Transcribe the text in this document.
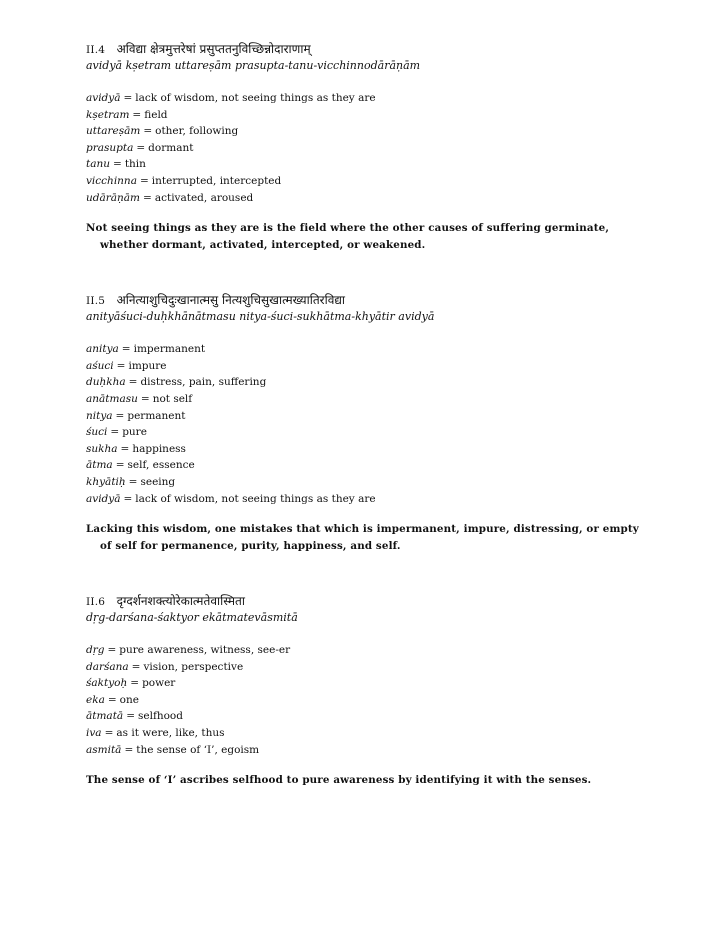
II.4 अविद्या क्षेत्रमुत्तरेषां प्रसुप्ततनुविच्छिन्नोदाराणाम्
avidyā kṣetram uttareṣām prasupta-tanu-vicchinnodārāṇām
avidyā = lack of wisdom, not seeing things as they are
kṣetram = field
uttareṣām = other, following
prasupta = dormant
tanu = thin
vicchinna = interrupted, intercepted
udārāṇām = activated, aroused

Not seeing things as they are is the field where the other causes of suffering germinate, whether dormant, activated, intercepted, or weakened.

II.5 अनित्याशुचिदुःखानात्मसु नित्यशुचिसुखात्मख्यातिरविद्या
anityāśuci-duḥkhānātmasu nitya-śuci-sukhātma-khyātir avidyā
anitya = impermanent
aśuci = impure
duḥkha = distress, pain, suffering
anātmasu = not self
nitya = permanent
śuci = pure
sukha = happiness
ātma = self, essence
khyātiḥ = seeing
avidyā = lack of wisdom, not seeing things as they are

Lacking this wisdom, one mistakes that which is impermanent, impure, distressing, or empty of self for permanence, purity, happiness, and self.

II.6 दृग्दर्शनशक्त्योरेकात्मतेवास्मिता
dṛg-darśana-śaktyor ekātmatevāsmitā
dṛg = pure awareness, witness, see-er
darśana = vision, perspective
śaktyoḥ = power
eka = one
ātmatā = selfhood
iva = as it were, like, thus
asmitā = the sense of ‘I’, egoism

The sense of ‘I’ ascribes selfhood to pure awareness by identifying it with the senses.
